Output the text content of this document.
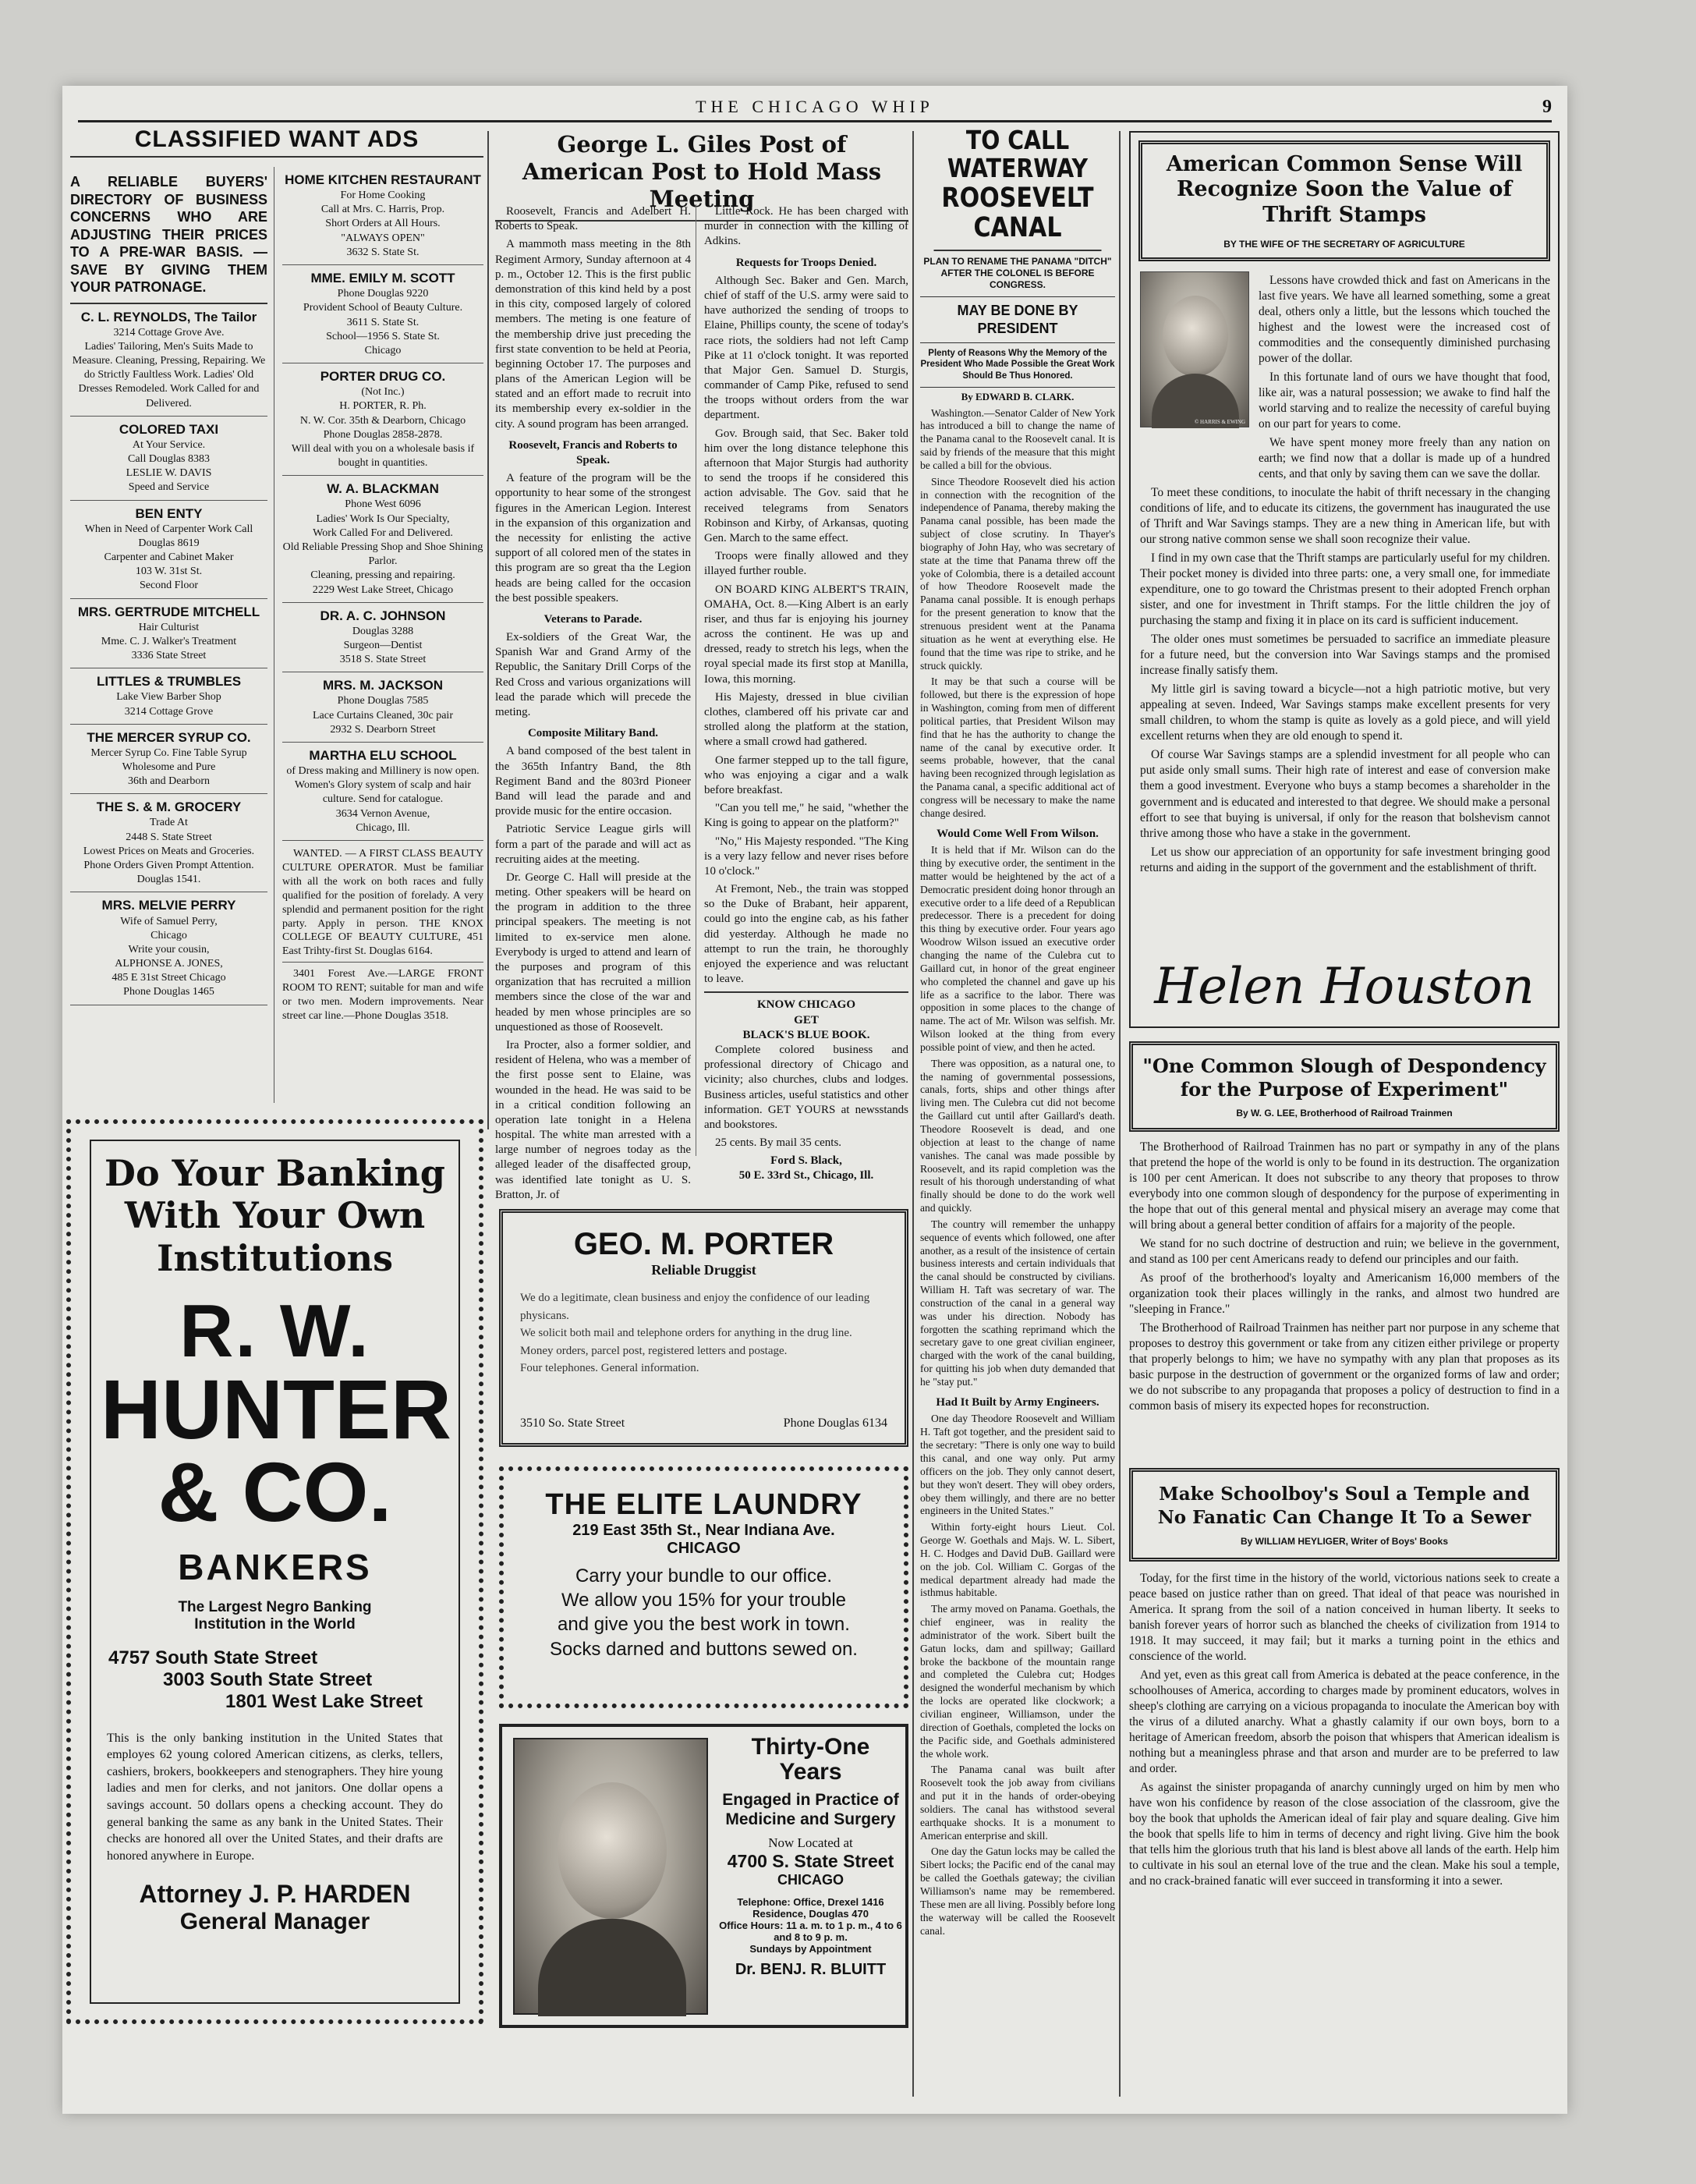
THE CHICAGO WHIP	9
CLASSIFIED WANT ADS
A RELIABLE BUYERS' DIRECTORY OF BUSINESS CONCERNS WHO ARE ADJUSTING THEIR PRICES TO A PRE-WAR BASIS. — SAVE BY GIVING THEM YOUR PATRONAGE.
C. L. REYNOLDS, The Tailor
3214 Cottage Grove Ave.
Ladies' Tailoring, Men's Suits Made to Measure. Cleaning, Pressing, Repairing. We do Strictly Faultless Work. Ladies' Old Dresses Remodeled. Work Called for and Delivered.
COLORED TAXI
At Your Service.
Call Douglas 8383
LESLIE W. DAVIS
Speed and Service
BEN ENTY
When in Need of Carpenter Work Call Douglas 8619
Carpenter and Cabinet Maker
103 W. 31st St.
Second Floor
MRS. GERTRUDE MITCHELL
Hair Culturist
Mme. C. J. Walker's Treatment
3336 State Street
LITTLES & TRUMBLES
Lake View Barber Shop
3214 Cottage Grove
THE MERCER SYRUP CO.
Mercer Syrup Co. Fine Table Syrup
Wholesome and Pure
36th and Dearborn
THE S. & M. GROCERY
Trade At
2448 S. State Street
Lowest Prices on Meats and Groceries.
Phone Orders Given Prompt Attention. Douglas 1541.
MRS. MELVIE PERRY
Wife of Samuel Perry,
Chicago
Write your cousin,
ALPHONSE A. JONES,
485 E 31st Street Chicago
Phone Douglas 1465
HOME KITCHEN RESTAURANT
For Home Cooking
Call at Mrs. C. Harris, Prop.
Short Orders at All Hours.
"ALWAYS OPEN"
3632 S. State St.
MME. EMILY M. SCOTT
Phone Douglas 9220
Provident School of Beauty Culture.
3611 S. State St.
School—1956 S. State St.
Chicago
PORTER DRUG CO.
(Not Inc.)
H. PORTER, R. Ph.
N. W. Cor. 35th & Dearborn, Chicago
Phone Douglas 2858-2878.
Will deal with you on a wholesale basis if bought in quantities.
W. A. BLACKMAN
Phone West 6096
Ladies' Work Is Our Specialty,
Work Called For and Delivered.
Old Reliable Pressing Shop and Shoe Shining Parlor.
Cleaning, pressing and repairing.
2229 West Lake Street, Chicago
DR. A. C. JOHNSON
Douglas 3288
Surgeon—Dentist
3518 S. State Street
MRS. M. JACKSON
Phone Douglas 7585
Lace Curtains Cleaned, 30c pair
2932 S. Dearborn Street
MARTHA ELU SCHOOL
of Dress making and Millinery is now open.
Women's Glory system of scalp and hair culture. Send for catalogue.
3634 Vernon Avenue,
Chicago, Ill.

WANTED. — A FIRST CLASS BEAUTY CULTURE OPERATOR. Must be familiar with all the work on both races and fully qualified for the position of forelady. A very splendid and permanent position for the right party. Apply in person. THE KNOX COLLEGE OF BEAUTY CULTURE, 451 East Trihty-first St. Douglas 6164.

3401 Forest Ave.—LARGE FRONT ROOM TO RENT; suitable for man and wife or two men. Modern improvements. Near street car line.—Phone Douglas 3518.

Do Your Banking With Your Own Institutions
R. W.
HUNTER
& CO.
BANKERS
The Largest Negro Banking Institution in the World
4757 South State Street
3003 South State Street
1801 West Lake Street

This is the only banking institution in the United States that employes 62 young colored American citizens, as clerks, tellers, cashiers, brokers, bookkeepers and stenographers. They hire young ladies and men for clerks, and not janitors. One dollar opens a savings account. 50 dollars opens a checking account. They do general banking the same as any bank in the United States. Their checks are honored all over the United States, and their drafts are honored anywhere in Europe.

Attorney J. P. HARDEN
General Manager
George L. Giles Post of American Post to Hold Mass Meeting

Roosevelt, Francis and Adelbert H. Roberts to Speak.

A mammoth mass meeting in the 8th Regiment Armory, Sunday afternoon at 4 p. m., October 12. This is the first public demonstration of this kind held by a post in this city, composed largely of colored members. The meting is one feature of the membership drive just preceding the first state convention to be held at Peoria, beginning October 17. The purposes and plans of the American Legion will be stated and an effort made to recruit into its membership every ex-soldier in the city. A sound program has been arranged.

Roosevelt, Francis and Roberts to Speak.

A feature of the program will be the opportunity to hear some of the strongest figures in the American Legion. Interest in the expansion of this organization and the necessity for enlisting the active support of all colored men of the states in this program are so great tha the Legion heads are being called for the occasion the best possible speakers.

Veterans to Parade.

Ex-soldiers of the Great War, the Spanish War and Grand Army of the Republic, the Sanitary Drill Corps of the Red Cross and various organizations will lead the parade which will precede the meting.

Composite Military Band.

A band composed of the best talent in the 365th Infantry Band, the 8th Regiment Band and the 803rd Pioneer Band will lead the parade and and provide music for the entire occasion.

Patriotic Service League girls will form a part of the parade and will act as recruiting aides at the meeting.

Dr. George C. Hall will preside at the meting. Other speakers will be heard on the program in addition to the three principal speakers. The meeting is not limited to ex-service men alone. Everybody is urged to attend and learn of the purposes and program of this organization that has recruited a million members since the close of the war and headed by men whose principles are so unquestioned as those of Roosevelt.

Ira Procter, also a former soldier, and resident of Helena, who was a member of the first posse sent to Elaine, was wounded in the head. He was said to be in a critical condition following an operation late tonight in a Helena hospital. The white man arrested with a large number of negroes today as the alleged leader of the disaffected group, was identified late tonight as U. S. Bratton, Jr. of

Little Rock. He has been charged with murder in connection with the killing of Adkins.

Requests for Troops Denied.

Although Sec. Baker and Gen. March, chief of staff of the U.S. army were said to have authorized the sending of troops to Elaine, Phillips county, the scene of today's race riots, the soldiers had not left Camp Pike at 11 o'clock tonight. It was reported that Major Gen. Samuel D. Sturgis, commander of Camp Pike, refused to send the troops without orders from the war department.

Gov. Brough said, that Sec. Baker told him over the long distance telephone this afternoon that Major Sturgis had authority to send the troops if he considered this action advisable. The Gov. said that he received telegrams from Senators Robinson and Kirby, of Arkansas, quoting Gen. March to the same effect.

Troops were finally allowed and they illayed further rouble.

ON BOARD KING ALBERT'S TRAIN, OMAHA, Oct. 8.—King Albert is an early riser, and thus far is enjoying his journey across the continent. He was up and dressed, ready to stretch his legs, when the royal special made its first stop at Manilla, Iowa, this morning.

His Majesty, dressed in blue civilian clothes, clambered off his private car and strolled along the platform at the station, where a small crowd had gathered.

One farmer stepped up to the tall figure, who was enjoying a cigar and a walk before breakfast.

"Can you tell me," he said, "whether the King is going to appear on the platform?"

"No," His Majesty responded. "The King is a very lazy fellow and never rises before 10 o'clock."

At Fremont, Neb., the train was stopped so the Duke of Brabant, heir apparent, could go into the engine cab, as his father did yesterday. Although he made no attempt to run the train, he thoroughly enjoyed the experience and was reluctant to leave.

KNOW CHICAGO
GET
BLACK'S BLUE BOOK.

Complete colored business and professional directory of Chicago and vicinity; also churches, clubs and lodges. Business articles, useful statistics and other information. GET YOURS at newsstands and bookstores.

25 cents. By mail 35 cents.

Ford S. Black,
50 E. 33rd St., Chicago, Ill.
GEO. M. PORTER
Reliable Druggist
We do a legitimate, clean business and enjoy the confidence of our leading physicans.
We solicit both mail and telephone orders for anything in the drug line.
Money orders, parcel post, registered letters and postage.
Four telephones. General information.
3510 So. State Street	Phone Douglas 6134
THE ELITE LAUNDRY
219 East 35th St., Near Indiana Ave.
CHICAGO
Carry your bundle to our office.
We allow you 15% for your trouble
and give you the best work in town.
Socks darned and buttons sewed on.
Thirty-One Years
Engaged in Practice of Medicine and Surgery
Now Located at
4700 S. State Street
CHICAGO
Telephone: Office, Drexel 1416
Residence, Douglas 470
Office Hours: 11 a. m. to 1 p. m., 4 to 6 and 8 to 9 p. m.
Sundays by Appointment
Dr. BENJ. R. BLUITT
TO CALL WATERWAY
ROOSEVELT CANAL
PLAN TO RENAME THE PANAMA "DITCH" AFTER THE COLONEL IS BEFORE CONGRESS.
MAY BE DONE BY PRESIDENT
Plenty of Reasons Why the Memory of the President Who Made Possible the Great Work Should Be Thus Honored.
By EDWARD B. CLARK.

Washington.—Senator Calder of New York has introduced a bill to change the name of the Panama canal to the Roosevelt canal. It is said by friends of the measure that this might be called a bill for the obvious.

Since Theodore Roosevelt died his action in connection with the recognition of the independence of Panama, thereby making the Panama canal possible, has been made the subject of close scrutiny. In Thayer's biography of John Hay, who was secretary of state at the time that Panama threw off the yoke of Colombia, there is a detailed account of how Theodore Roosevelt made the Panama canal possible. It is enough perhaps for the present generation to know that the strenuous president went at the Panama situation as he went at everything else. He found that the time was ripe to strike, and he struck quickly.

It may be that such a course will be followed, but there is the expression of hope in Washington, coming from men of different political parties, that President Wilson may find that he has the authority to change the name of the canal by executive order. It seems probable, however, that the canal having been recognized through legislation as the Panama canal, a specific additional act of congress will be necessary to make the name change desired.

Would Come Well From Wilson.

It is held that if Mr. Wilson can do the thing by executive order, the sentiment in the matter would be heightened by the act of a Democratic president doing honor through an executive order to a life deed of a Republican predecessor. There is a precedent for doing this thing by executive order. Four years ago Woodrow Wilson issued an executive order changing the name of the Culebra cut to Gaillard cut, in honor of the great engineer who completed the channel and gave up his life as a sacrifice to the labor. There was opposition in some places to the change of name. The act of Mr. Wilson was selfish. Mr. Wilson looked at the thing from every possible point of view, and then he acted.

There was opposition, as a natural one, to the naming of governmental possessions, canals, forts, ships and other things after living men. The Culebra cut did not become the Gaillard cut until after Gaillard's death. Theodore Roosevelt is dead, and one objection at least to the change of name vanishes. The canal was made possible by Roosevelt, and its rapid completion was the result of his thorough understanding of what finally should be done to do the work well and quickly.

The country will remember the unhappy sequence of events which followed, one after another, as a result of the insistence of certain business interests and certain individuals that the canal should be constructed by civilians. William H. Taft was secretary of war. The construction of the canal in a general way was under his direction. Nobody has forgotten the scathing reprimand which the secretary gave to one great civilian engineer, charged with the work of the canal building, for quitting his job when duty demanded that he "stay put."

Had It Built by Army Engineers.

One day Theodore Roosevelt and William H. Taft got together, and the president said to the secretary: "There is only one way to build this canal, and one way only. Put army officers on the job. They only cannot desert, but they won't desert. They will obey orders, obey them willingly, and there are no better engineers in the United States."

Within forty-eight hours Lieut. Col. George W. Goethals and Majs. W. L. Sibert, H. C. Hodges and David DuB. Gaillard were on the job. Col. William C. Gorgas of the medical department already had made the isthmus habitable.

The army moved on Panama. Goethals, the chief engineer, was in reality the administrator of the work. Sibert built the Gatun locks, dam and spillway; Gaillard broke the backbone of the mountain range and completed the Culebra cut; Hodges designed the wonderful mechanism by which the locks are operated like clockwork; a civilian engineer, Williamson, under the direction of Goethals, completed the locks on the Pacific side, and Goethals administered the whole work.

The Panama canal was built after Roosevelt took the job away from civilians and put it in the hands of order-obeying soldiers. The canal has withstood several earthquake shocks. It is a monument to American enterprise and skill.

One day the Gatun locks may be called the Sibert locks; the Pacific end of the canal may be called the Goethals gateway; the civilian Williamson's name may be remembered. These men are all living. Possibly before long the waterway will be called the Roosevelt canal.

American Common Sense Will Recognize Soon the Value of Thrift Stamps
BY THE WIFE OF THE SECRETARY OF AGRICULTURE
© HARRIS & EWING

Lessons have crowded thick and fast on Americans in the last five years. We have all learned something, some a great deal, others only a little, but the lessons which touched the highest and the lowest were the increased cost of commodities and the consequently diminished purchasing power of the dollar.

In this fortunate land of ours we have thought that food, like air, was a natural possession; we awake to find half the world starving and to realize the necessity of careful buying on our part for years to come.

We have spent money more freely than any nation on earth; we find now that a dollar is made up of a hundred cents, and that only by saving them can we save the dollar.

To meet these conditions, to inoculate the habit of thrift necessary in the changing conditions of life, and to educate its citizens, the government has inaugurated the use of Thrift and War Savings stamps. They are a new thing in American life, but with our strong native common sense we shall soon recognize their value.

I find in my own case that the Thrift stamps are particularly useful for my children. Their pocket money is divided into three parts: one, a very small one, for immediate expenditure, one to go toward the Christmas present to their adopted French orphan sister, and one for investment in Thrift stamps. For the little children the joy of purchasing the stamp and fixing it in place on its card is sufficient inducement.

The older ones must sometimes be persuaded to sacrifice an immediate pleasure for a future need, but the conversion into War Savings stamps and the promised increase finally satisfy them.

My little girl is saving toward a bicycle—not a high patriotic motive, but very appealing at seven. Indeed, War Savings stamps make excellent presents for very small children, to whom the stamp is quite as lovely as a gold piece, and will yield excellent returns when they are old enough to spend it.

Of course War Savings stamps are a splendid investment for all people who can put aside only small sums. Their high rate of interest and ease of conversion make them a good investment. Everyone who buys a stamp becomes a shareholder in the government and is educated and interested to that degree. We should make a personal effort to see that buying is universal, if only for the reason that bolshevism cannot thrive among those who have a stake in the government.

Let us show our appreciation of an opportunity for safe investment bringing good returns and aiding in the support of the government and the establishment of thrift.

Helen Houston
"One Common Slough of Despondency for the Purpose of Experiment"
By W. G. LEE, Brotherhood of Railroad Trainmen

The Brotherhood of Railroad Trainmen has no part or sympathy in any of the plans that pretend the hope of the world is only to be found in its destruction. The organization is 100 per cent American. It does not subscribe to any theory that proposes to throw everybody into one common slough of despondency for the purpose of experimenting in the hope that out of this general mental and physical misery an average may come that will bring about a general better condition of affairs for a majority of the people.

We stand for no such doctrine of destruction and ruin; we believe in the government, and stand as 100 per cent Americans ready to defend our principles and our faith.

As proof of the brotherhood's loyalty and Americanism 16,000 members of the organization took their places willingly in the ranks, and almost two hundred are "sleeping in France."

The Brotherhood of Railroad Trainmen has neither part nor purpose in any scheme that proposes to destroy this government or take from any citizen either privilege or property that properly belongs to him; we have no sympathy with any plan that proposes as its basic purpose in the destruction of government or the organized forms of law and order; we do not subscribe to any propaganda that proposes a policy of destruction to find in a common basis of misery its expected hopes for reconstruction.

Make Schoolboy's Soul a Temple and No Fanatic Can Change It To a Sewer
By WILLIAM HEYLIGER, Writer of Boys' Books

Today, for the first time in the history of the world, victorious nations seek to create a peace based on justice rather than on greed. That ideal of that peace was nourished in America. It sprang from the soil of a nation conceived in human liberty. It seeks to banish forever years of horror such as blanched the cheeks of civilization from 1914 to 1918. It may succeed, it may fail; but it marks a turning point in the ethics and conscience of the world.

And yet, even as this great call from America is debated at the peace conference, in the schoolhouses of America, according to charges made by prominent educators, wolves in sheep's clothing are carrying on a vicious propaganda to inoculate the American boy with the virus of a diluted anarchy. What a ghastly calamity if our own boys, born to a heritage of American freedom, absorb the poison that whispers that American idealism is nothing but a meaningless phrase and that arson and murder are to be preferred to law and order.

As against the sinister propaganda of anarchy cunningly urged on him by men who have won his confidence by reason of the close association of the classroom, give the boy the book that upholds the American ideal of fair play and square dealing. Give him the book that spells life to him in terms of decency and right living. Give him the book that tells him the glorious truth that his land is blest above all lands of the earth. Help him to cultivate in his soul an eternal love of the true and the clean. Make his soul a temple, and no crack-brained fanatic will ever succeed in transforming it into a sewer.
